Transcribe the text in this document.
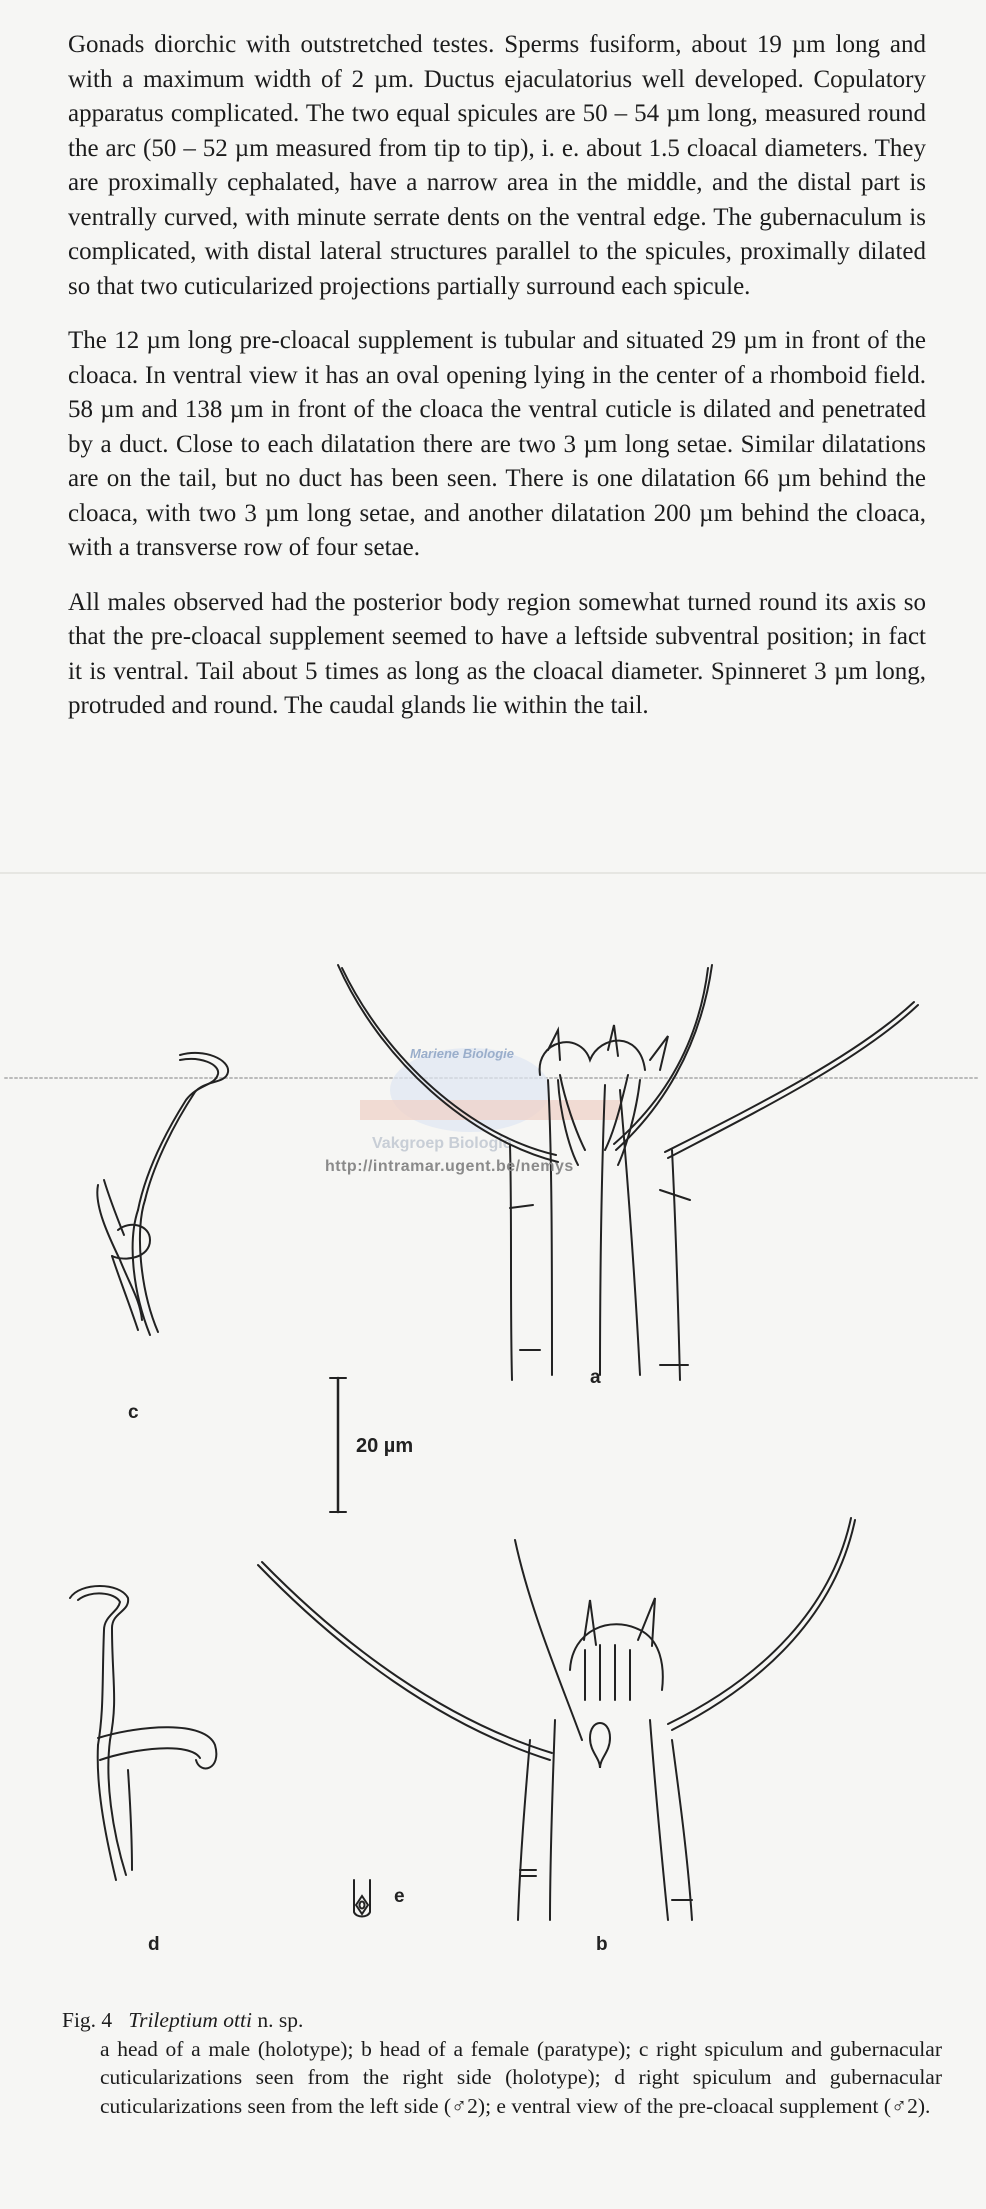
Gonads diorchic with outstretched testes. Sperms fusiform, about 19 µm long and with a maximum width of 2 µm. Ductus ejaculatorius well developed. Copulatory apparatus complicated. The two equal spicules are 50 – 54 µm long, measured round the arc (50 – 52 µm measured from tip to tip), i. e. about 1.5 cloacal diameters. They are proximally cephalated, have a narrow area in the middle, and the distal part is ventrally curved, with minute serrate dents on the ventral edge. The gubernaculum is complicated, with distal lateral structures parallel to the spicules, proximally dilated so that two cuticularized projections partially surround each spicule.

The 12 µm long pre-cloacal supplement is tubular and situated 29 µm in front of the cloaca. In ventral view it has an oval opening lying in the center of a rhomboid field. 58 µm and 138 µm in front of the cloaca the ventral cuticle is dilated and penetrated by a duct. Close to each dilatation there are two 3 µm long setae. Similar dilatations are on the tail, but no duct has been seen. There is one dilatation 66 µm behind the cloaca, with two 3 µm long setae, and another dilatation 200 µm behind the cloaca, with a transverse row of four setae.

All males observed had the posterior body region somewhat turned round its axis so that the pre-cloacal supplement seemed to have a leftside subventral position; in fact it is ventral. Tail about 5 times as long as the cloacal diameter. Spinneret 3 µm long, protruded and round. The caudal glands lie within the tail.

Mariene Biologie
Vakgroep Biologie
a
b
c
d
e
20 µm
http://intramar.ugent.be/nemys
Fig. 4 Trileptium otti n. sp.
a head of a male (holotype); b head of a female (paratype); c right spiculum and gubernacular cuticularizations seen from the right side (holotype); d right spiculum and gubernacular cuticularizations seen from the left side (♂2); e ventral view of the pre-cloacal supplement (♂2).
